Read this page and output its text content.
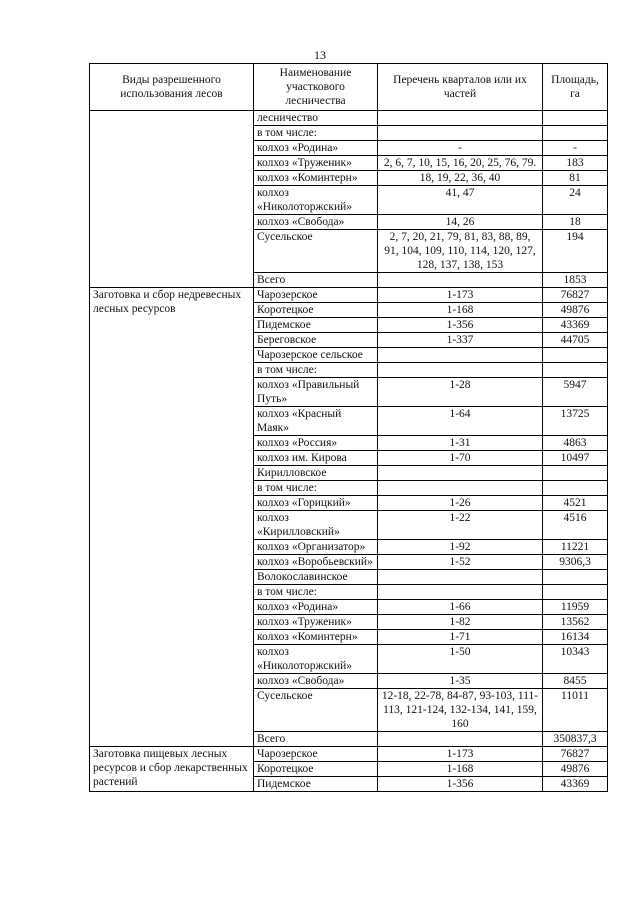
13
Виды разрешенного использования лесов	Наименование участкового лесничества	Перечень кварталов или их частей	Площадь, га
	лесничество		
	в том числе:		
	колхоз «Родина»	-	-
	колхоз «Труженик»	2, 6, 7, 10, 15, 16, 20, 25, 76, 79.	183
	колхоз «Коминтерн»	18, 19, 22, 36, 40	81
	колхоз «Николоторжский»	41, 47	24
	колхоз «Свобода»	14, 26	18
	Сусельское	2, 7, 20, 21, 79, 81, 83, 88, 89, 91, 104, 109, 110, 114, 120, 127, 128, 137, 138, 153	194
	Всего		1853
Заготовка и сбор недревесных лесных ресурсов	Чарозерское	1-173	76827
	Коротецкое	1-168	49876
	Пидемское	1-356	43369
	Береговское	1-337	44705
	Чарозерское сельское		
	в том числе:		
	колхоз «Правильный Путь»	1-28	5947
	колхоз «Красный Маяк»	1-64	13725
	колхоз «Россия»	1-31	4863
	колхоз им. Кирова	1-70	10497
	Кирилловское		
	в том числе:		
	колхоз «Горицкий»	1-26	4521
	колхоз «Кирилловский»	1-22	4516
	колхоз «Организатор»	1-92	11221
	колхоз «Воробьевский»	1-52	9306,3
	Волокославинское		
	в том числе:		
	колхоз «Родина»	1-66	11959
	колхоз «Труженик»	1-82	13562
	колхоз «Коминтерн»	1-71	16134
	колхоз «Николоторжский»	1-50	10343
	колхоз «Свобода»	1-35	8455
	Сусельское	12-18, 22-78, 84-87, 93-103, 111-113, 121-124, 132-134, 141, 159, 160	11011
	Всего		350837,3
Заготовка пищевых лесных ресурсов и сбор лекарственных растений	Чарозерское	1-173	76827
	Коротецкое	1-168	49876
	Пидемское	1-356	43369
